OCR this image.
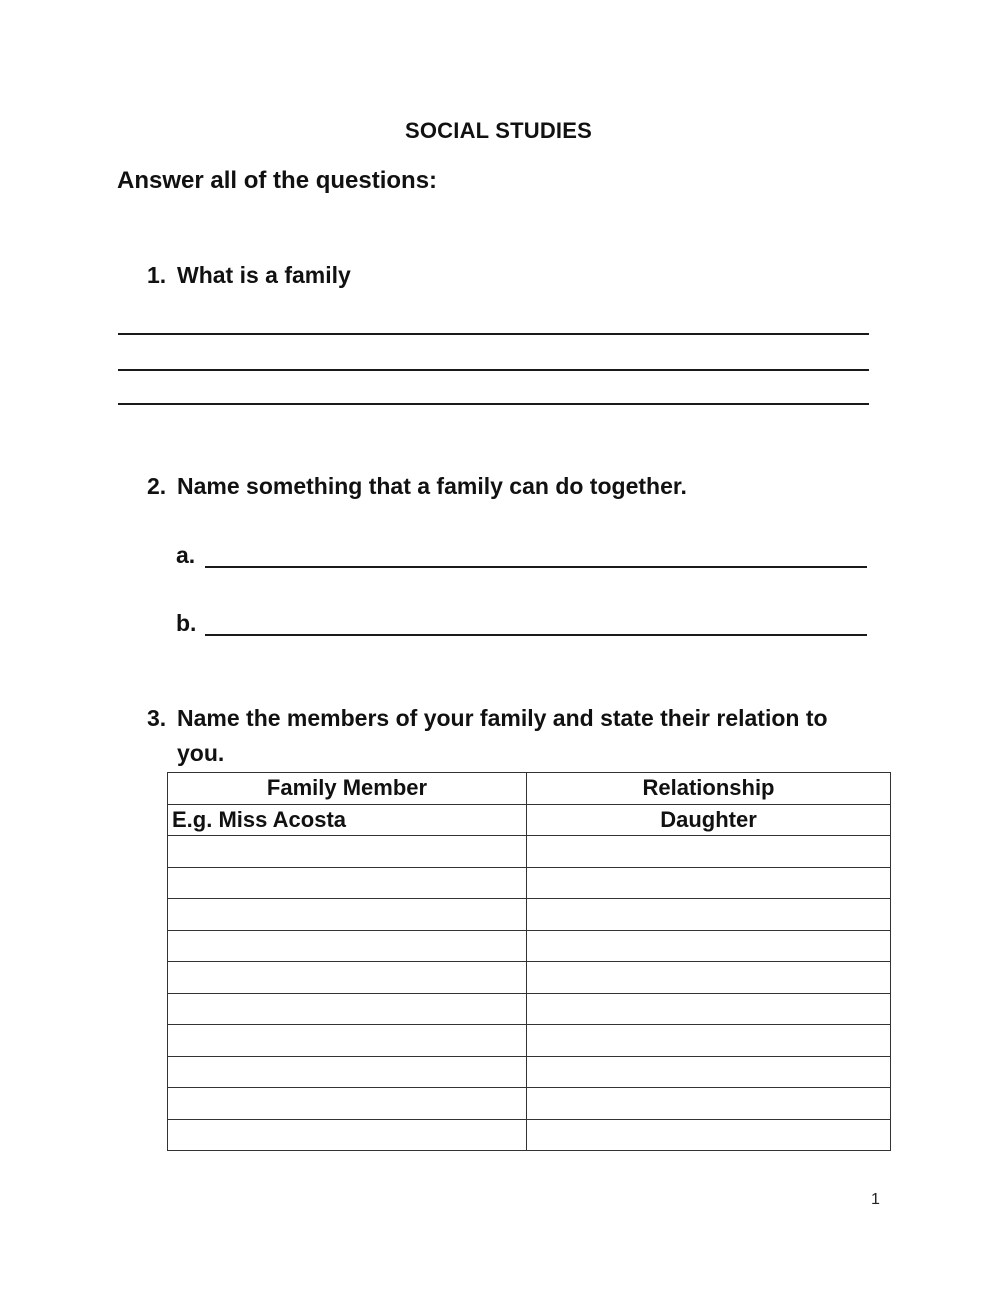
SOCIAL STUDIES
Answer all of the questions:
1. What is a family
2. Name something that a family can do together.
a.
b.
3. Name the members of your family and state their relation to
you.
Family Member	Relationship
E.g. Miss Acosta	Daughter

1
